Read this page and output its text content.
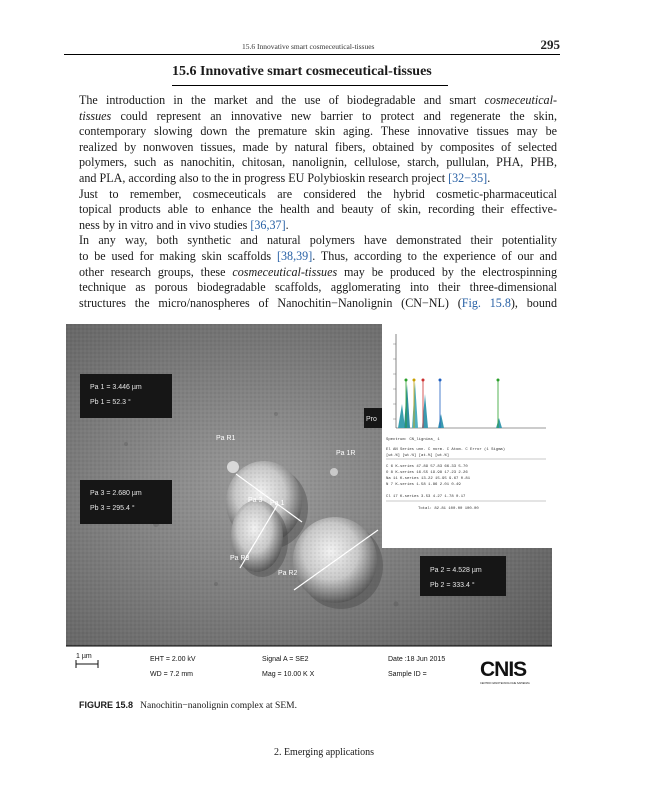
15.6 Innovative smart cosmeceutical-tissues	295
15.6 Innovative smart cosmeceutical-tissues

The introduction in the market and the use of biodegradable and smart cosmeceutical-
tissues could represent an innovative new barrier to protect and regenerate the skin,
contemporary slowing down the premature skin aging. These innovative tissues may be
realized by nonwoven tissues, made by natural fibers, obtained by composites of selected
polymers, such as nanochitin, chitosan, nanolignin, cellulose, starch, pullulan, PHA, PHB,
and PLA, according also to the in progress EU Polybioskin research project [32−35].

Just to remember, cosmeceuticals are considered the hybrid cosmetic-pharmaceutical
topical products able to enhance the health and beauty of skin, recording their effective-
ness by in vitro and in vivo studies [36,37].

In any way, both synthetic and natural polymers have demonstrated their potentiality
to be used for making skin scaffolds [38,39]. Thus, according to the experience of our and
other research groups, these cosmeceutical-tissues may be produced by the electrospinning
technique as porous biodegradable scaffolds, agglomerating into their three-dimensional
structures the micro/nanospheres of Nanochitin−Nanolignin (CN−NL) (Fig. 15.8), bound

Pa R1
Pa 1R
Pa 3 Pa 1
Pa R3
Pa R2
Pa 1 = 3.446 µm
Pb 1 = 52.3 °
Pa 3 = 2.680 µm
Pb 3 = 295.4 °
Pa 2 = 4.528 µm
Pb 2 = 333.4 °
Pro
Spectrum: CN_lignina_ 1
El AN Series unn. C norm. C Atom. C Error (1 Sigma)
[wt.%] [wt.%] [at.%] [wt.%]
C 6 K-series 47.89 57.83 66.33 5.70
O 8 K-series 16.55 19.98 17.23 2.26
Na 11 K-series 13.22 15.95 9.67 0.81
N 7 K-series 1.58 1.86 2.01 0.49
Cl 17 K-series 3.53 4.27 1.78 0.17
Total: 82.81 100.00 100.00
1 µm	EHT = 2.00 kV
WD = 7.2 mm
Signal A = SE2
Mag = 10.00 K X
Date :18 Jun 2015
Sample ID =	CNIS
CENTRO NANOTECNOLOGIE SAPIENZA
FIGURE 15.8 Nanochitin−nanolignin complex at SEM.
2. Emerging applications
